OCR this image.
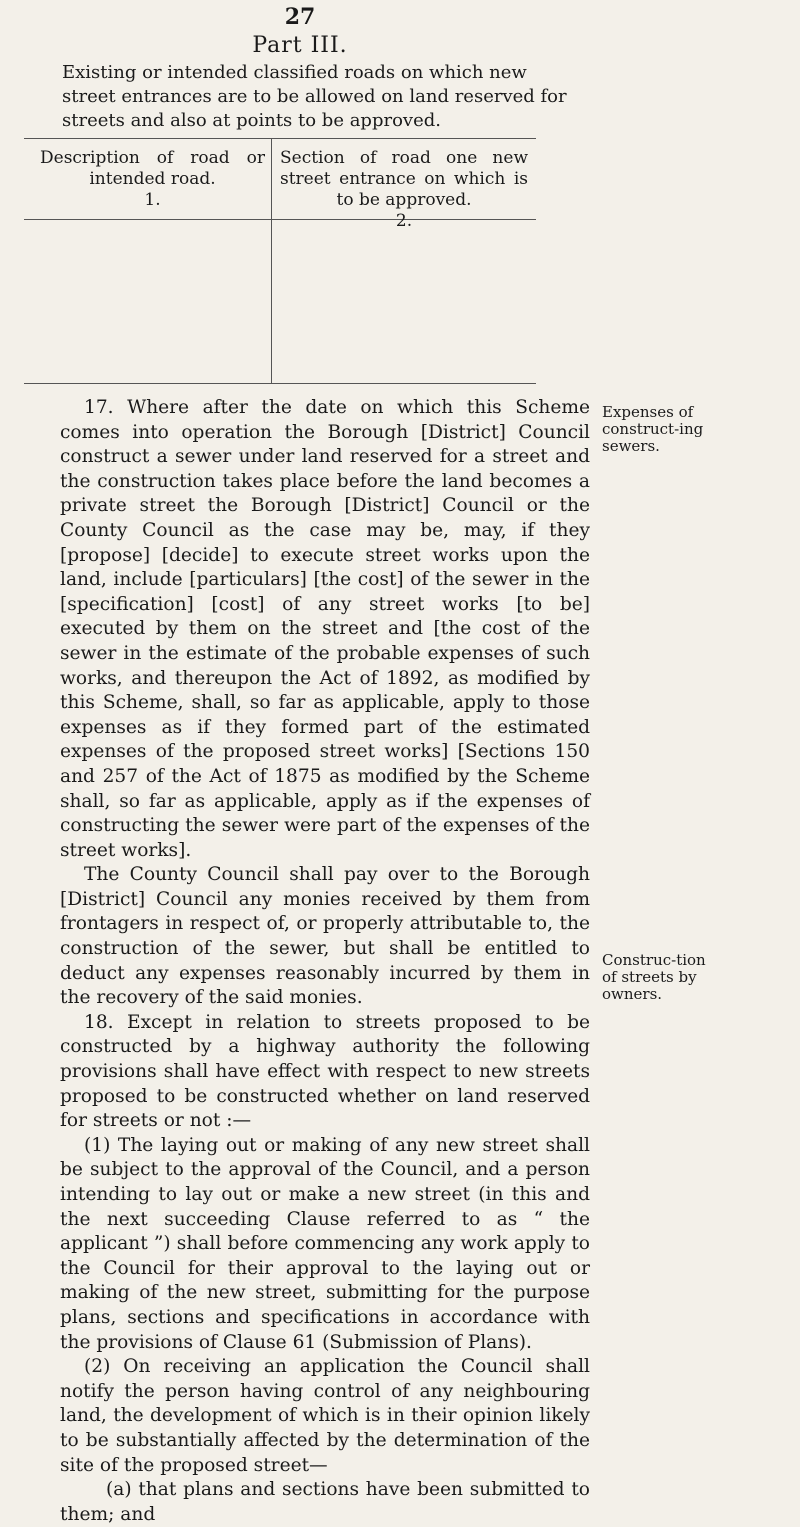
27
Part III.

Existing or intended classified roads on which new street entrances are to be allowed on land reserved for streets and also at points to be approved.

Description of road or intended road.
1.
Section of road one new street entrance on which is to be approved.
2.

17. Where after the date on which this Scheme comes into operation the Borough [District] Council construct a sewer under land reserved for a street and the construction takes place before the land becomes a private street the Borough [District] Council or the County Council as the case may be, may, if they [propose] [decide] to execute street works upon the land, include [particulars] [the cost] of the sewer in the [specification] [cost] of any street works [to be] executed by them on the street and [the cost of the sewer in the estimate of the probable expenses of such works, and thereupon the Act of 1892, as modified by this Scheme, shall, so far as applicable, apply to those expenses as if they formed part of the estimated expenses of the proposed street works] [Sections 150 and 257 of the Act of 1875 as modified by the Scheme shall, so far as applicable, apply as if the expenses of constructing the sewer were part of the expenses of the street works].

The County Council shall pay over to the Borough [District] Council any monies received by them from frontagers in respect of, or properly attributable to, the construction of the sewer, but shall be entitled to deduct any expenses reasonably incurred by them in the recovery of the said monies.

18. Except in relation to streets proposed to be constructed by a highway authority the following provisions shall have effect with respect to new streets proposed to be constructed whether on land reserved for streets or not :—

(1) The laying out or making of any new street shall be subject to the approval of the Council, and a person intending to lay out or make a new street (in this and the next succeeding Clause referred to as “ the applicant ”) shall before commencing any work apply to the Council for their approval to the laying out or making of the new street, submitting for the purpose plans, sections and specifications in accordance with the provisions of Clause 61 (Submission of Plans).

(2) On receiving an application the Council shall notify the person having control of any neighbouring land, the development of which is in their opinion likely to be substantially affected by the determination of the site of the proposed street—

(a) that plans and sections have been submitted to them; and

Expenses of construct-ing sewers.
Construc-tion of streets by owners.
